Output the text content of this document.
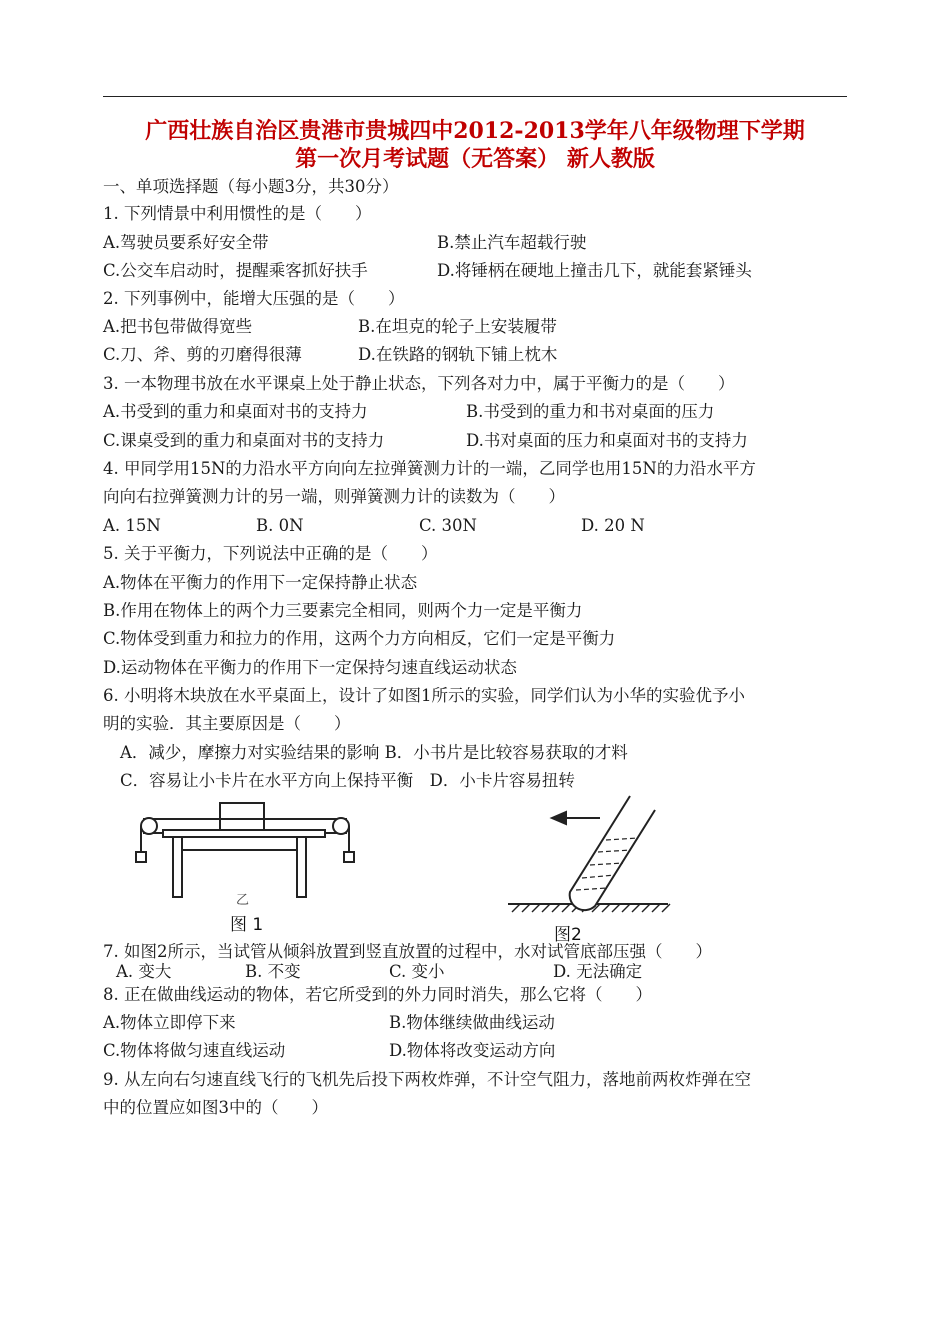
广西壮族自治区贵港市贵城四中2012-2013学年八年级物理下学期
第一次月考试题（无答案） 新人教版
一、单项选择题（每小题3分，共30分）
1. 下列情景中利用惯性的是（　　）
A.驾驶员要系好安全带	B.禁止汽车超载行驶
C.公交车启动时，提醒乘客抓好扶手	D.将锤柄在硬地上撞击几下，就能套紧锤头
2. 下列事例中，能增大压强的是（　　）
A.把书包带做得宽些	B.在坦克的轮子上安装履带
C.刀、斧、剪的刃磨得很薄	D.在铁路的钢轨下铺上枕木
3. 一本物理书放在水平课桌上处于静止状态，下列各对力中，属于平衡力的是（　　）
A.书受到的重力和桌面对书的支持力	B.书受到的重力和书对桌面的压力
C.课桌受到的重力和桌面对书的支持力	D.书对桌面的压力和桌面对书的支持力
4. 甲同学用15N的力沿水平方向向左拉弹簧测力计的一端，乙同学也用15N的力沿水平方
向向右拉弹簧测力计的另一端，则弹簧测力计的读数为（　　）
A. 15N	B. 0N	C. 30N	D. 20 N
5. 关于平衡力，下列说法中正确的是（　　）
A.物体在平衡力的作用下一定保持静止状态
B.作用在物体上的两个力三要素完全相同，则两个力一定是平衡力
C.物体受到重力和拉力的作用，这两个力方向相反，它们一定是平衡力
D.运动物体在平衡力的作用下一定保持匀速直线运动状态
6. 小明将木块放在水平桌面上，设计了如图1所示的实验，同学们认为小华的实验优予小
明的实验．其主要原因是（　　）
A．减少，摩擦力对实验结果的影响 B．小书片是比较容易获取的才料
C．容易让小卡片在水平方向上保持平衡　D．小卡片容易扭转
乙
图 1	图2
7. 如图2所示，当试管从倾斜放置到竖直放置的过程中，水对试管底部压强（　　）
A. 变大	B. 不变	C. 变小	D. 无法确定
8. 正在做曲线运动的物体，若它所受到的外力同时消失，那么它将（　　）
A.物体立即停下来	B.物体继续做曲线运动
C.物体将做匀速直线运动	D.物体将改变运动方向
9. 从左向右匀速直线飞行的飞机先后投下两枚炸弹，不计空气阻力，落地前两枚炸弹在空
中的位置应如图3中的（　　）
